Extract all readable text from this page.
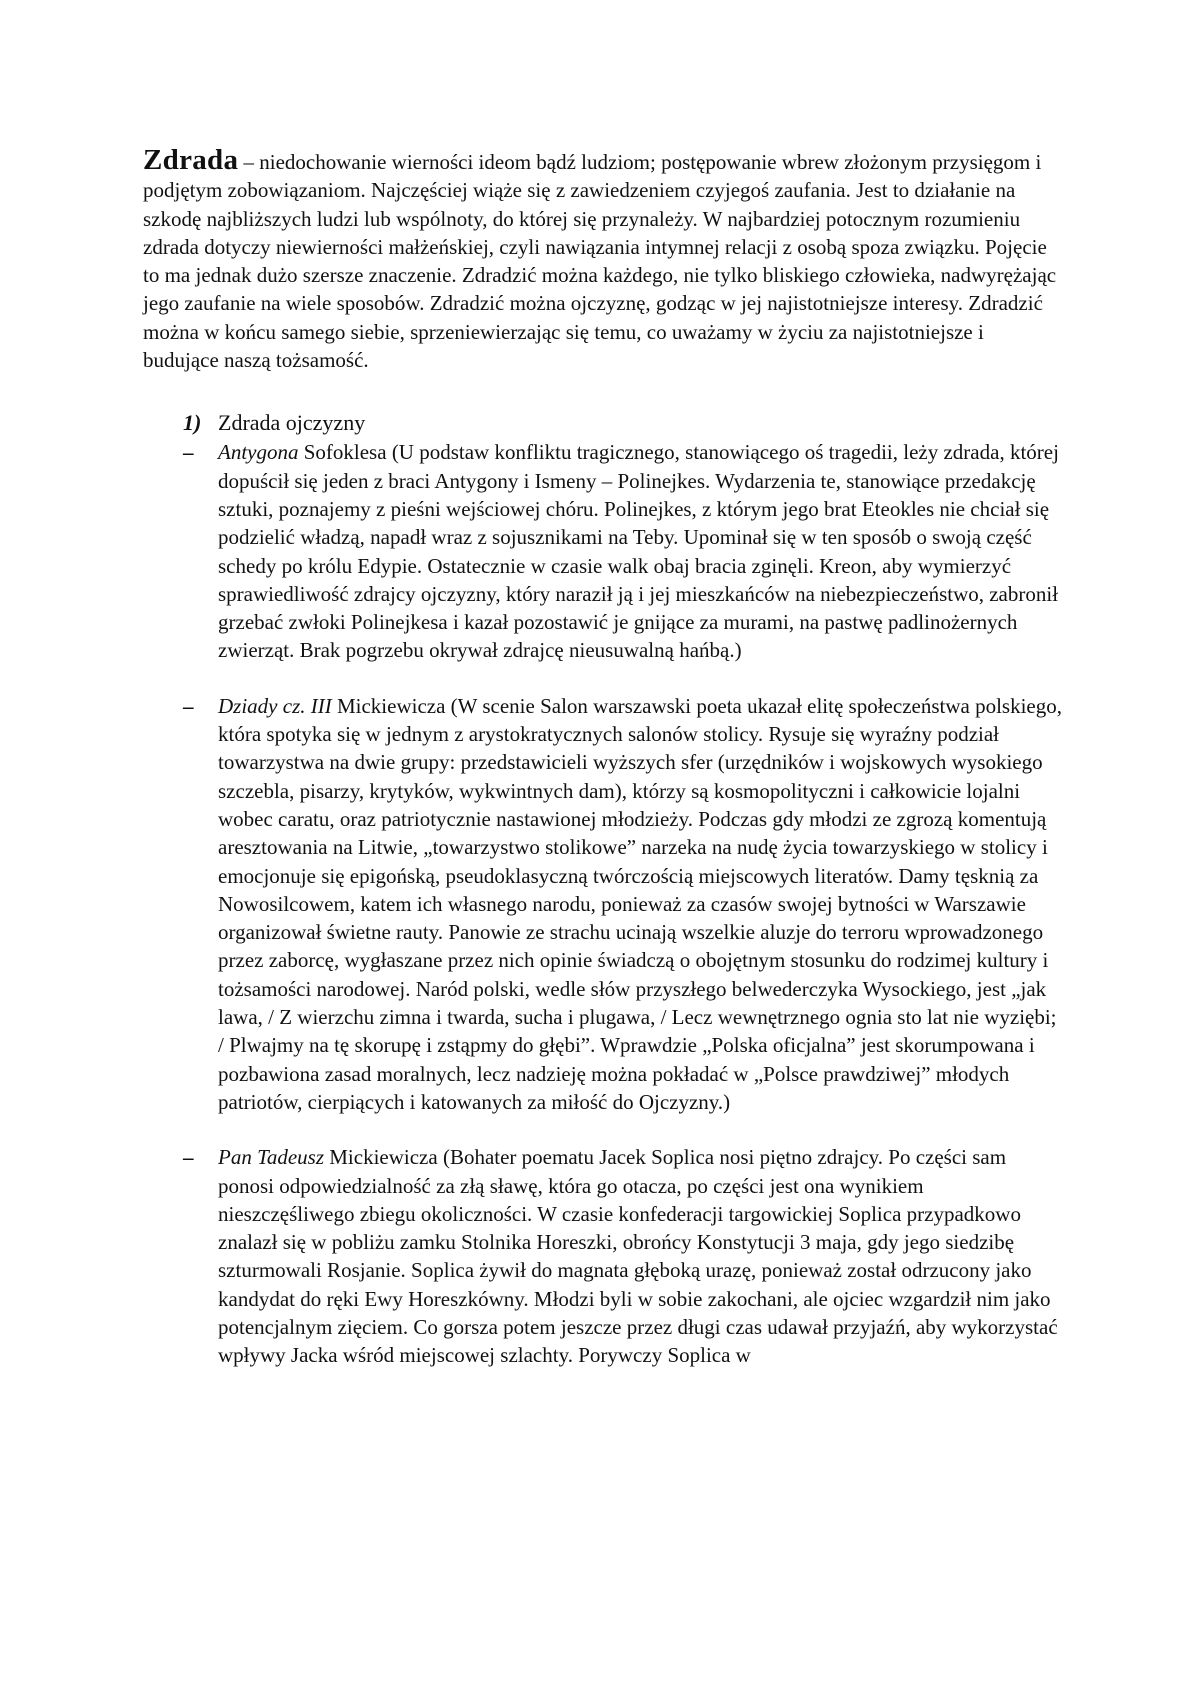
Zdrada – niedochowanie wierności ideom bądź ludziom; postępowanie wbrew złożonym przysięgom i podjętym zobowiązaniom. Najczęściej wiąże się z zawiedzeniem czyjegoś zaufania. Jest to działanie na szkodę najbliższych ludzi lub wspólnoty, do której się przynależy. W najbardziej potocznym rozumieniu zdrada dotyczy niewierności małżeńskiej, czyli nawiązania intymnej relacji z osobą spoza związku. Pojęcie to ma jednak dużo szersze znaczenie. Zdradzić można każdego, nie tylko bliskiego człowieka, nadwyrężając jego zaufanie na wiele sposobów. Zdradzić można ojczyznę, godząc w jej najistotniejsze interesy. Zdradzić można w końcu samego siebie, sprzeniewierzając się temu, co uważamy w życiu za najistotniejsze i budujące naszą tożsamość.

1) Zdrada ojczyzny

– Antygona Sofoklesa (U podstaw konfliktu tragicznego, stanowiącego oś tragedii, leży zdrada, której dopuścił się jeden z braci Antygony i Ismeny – Polinejkes. Wydarzenia te, stanowiące przedakcję sztuki, poznajemy z pieśni wejściowej chóru. Polinejkes, z którym jego brat Eteokles nie chciał się podzielić władzą, napadł wraz z sojusznikami na Teby. Upominał się w ten sposób o swoją część schedy po królu Edypie. Ostatecznie w czasie walk obaj bracia zginęli. Kreon, aby wymierzyć sprawiedliwość zdrajcy ojczyzny, który naraził ją i jej mieszkańców na niebezpieczeństwo, zabronił grzebać zwłoki Polinejkesa i kazał pozostawić je gnijące za murami, na pastwę padlinożernych zwierząt. Brak pogrzebu okrywał zdrajcę nieusuwalną hańbą.)

– Dziady cz. III Mickiewicza (W scenie Salon warszawski poeta ukazał elitę społeczeństwa polskiego, która spotyka się w jednym z arystokratycznych salonów stolicy. Rysuje się wyraźny podział towarzystwa na dwie grupy: przedstawicieli wyższych sfer (urzędników i wojskowych wysokiego szczebla, pisarzy, krytyków, wykwintnych dam), którzy są kosmopolityczni i całkowicie lojalni wobec caratu, oraz patriotycznie nastawionej młodzieży. Podczas gdy młodzi ze zgrozą komentują aresztowania na Litwie, „towarzystwo stolikowe” narzeka na nudę życia towarzyskiego w stolicy i emocjonuje się epigońską, pseudoklasyczną twórczością miejscowych literatów. Damy tęsknią za Nowosilcowem, katem ich własnego narodu, ponieważ za czasów swojej bytności w Warszawie organizował świetne rauty. Panowie ze strachu ucinają wszelkie aluzje do terroru wprowadzonego przez zaborcę, wygłaszane przez nich opinie świadczą o obojętnym stosunku do rodzimej kultury i tożsamości narodowej. Naród polski, wedle słów przyszłego belwederczyka Wysockiego, jest „jak lawa, / Z wierzchu zimna i twarda, sucha i plugawa, / Lecz wewnętrznego ognia sto lat nie wyziębi; / Plwajmy na tę skorupę i zstąpmy do głębi”. Wprawdzie „Polska oficjalna” jest skorumpowana i pozbawiona zasad moralnych, lecz nadzieję można pokładać w „Polsce prawdziwej” młodych patriotów, cierpiących i katowanych za miłość do Ojczyzny.)

– Pan Tadeusz Mickiewicza (Bohater poematu Jacek Soplica nosi piętno zdrajcy. Po części sam ponosi odpowiedzialność za złą sławę, która go otacza, po części jest ona wynikiem nieszczęśliwego zbiegu okoliczności. W czasie konfederacji targowickiej Soplica przypadkowo znalazł się w pobliżu zamku Stolnika Horeszki, obrońcy Konstytucji 3 maja, gdy jego siedzibę szturmowali Rosjanie. Soplica żywił do magnata głęboką urazę, ponieważ został odrzucony jako kandydat do ręki Ewy Horeszkówny. Młodzi byli w sobie zakochani, ale ojciec wzgardził nim jako potencjalnym zięciem. Co gorsza potem jeszcze przez długi czas udawał przyjaźń, aby wykorzystać wpływy Jacka wśród miejscowej szlachty. Porywczy Soplica w
